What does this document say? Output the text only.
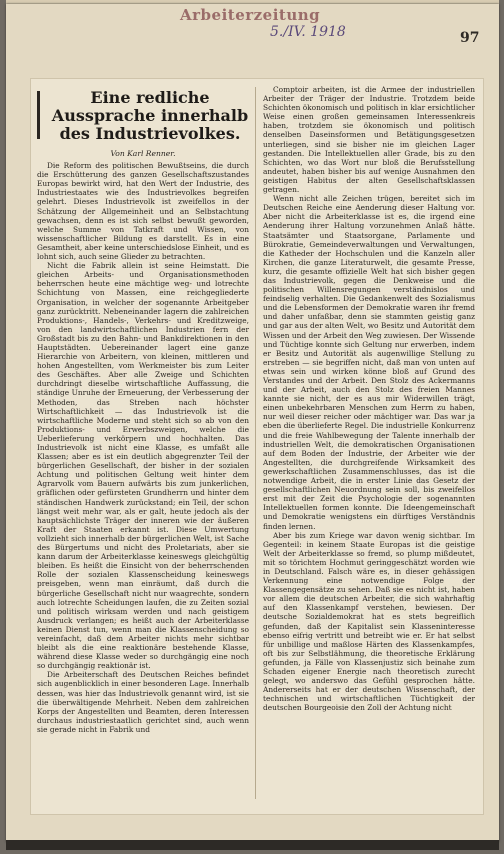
Arbeiterzeitung
5./IV. 1918	97
Eine redliche Aussprache innerhalb des Industrievolkes.
Von Karl Renner.

Die Reform des politischen Bewußtseins, die durch die Erschütterung des ganzen Gesellschaftszustandes Europas bewirkt wird, hat den Wert der Industrie, des Industriestaates wie des Industrievolkes begreifen gelehrt. Dieses Industrievolk ist zweifellos in der Schätzung der Allgemeinheit und an Selbstachtung gewachsen, denn es ist sich selbst bewußt geworden, welche Summe von Tatkraft und Wissen, von wissenschaftlicher Bildung es darstellt. Es in eine Gesamtheit, aber keine unterschiedslose Einheit, und es lohnt sich, auch seine Glieder zu betrachten.

Nicht die Fabrik allein ist seine Heimstatt. Die gleichen Arbeits- und Organisationsmethoden beherrschen heute eine mächtige weg- und lotrechte Schichtung von Massen, eine reichgegliederte Organisation, in welcher der sogenannte Arbeitgeber ganz zurücktritt. Nebeneinander lagern die zahlreichen Produktions-, Handels-, Verkehrs- und Kreditzweige, von den landwirtschaftlichen Industrien fern der Großstadt bis zu den Bahn- und Bankdirektionen in den Hauptstädten. Uebereinander lagert eine ganze Hierarchie von Arbeitern, von kleinen, mittleren und hohen Angestellten, vom Werkmeister bis zum Leiter des Geschäftes. Aber alle Zweige und Schichten durchdringt dieselbe wirtschaftliche Auffassung, die ständige Unruhe der Erneuerung, der Verbesserung der Methoden, das Streben nach höchster Wirtschaftlichkeit — das Industrievolk ist die wirtschaftliche Moderne und steht sich so ab von den Produktions- und Erwerbszweigen, welche die Ueberlieferung verkörpern und hochhalten. Das Industrievolk ist nicht eine Klasse, es umfaßt alle Klassen; aber es ist ein deutlich abgegrenzter Teil der bürgerlichen Gesellschaft, der bisher in der sozialen Achtung und politischen Geltung weit hinter dem Agrarvolk vom Bauern aufwärts bis zum junkerlichen, gräflichen oder gefürsteten Grundherrn und hinter dem ständischen Handwerk zurückstand; ein Teil, der schon längst weit mehr war, als er galt, heute jedoch als der hauptsächlichste Träger der inneren wie der äußeren Kraft der Staaten erkannt ist. Diese Umwertung vollzieht sich innerhalb der bürgerlichen Welt, ist Sache des Bürgertums und nicht des Proletariats, aber sie kann darum der Arbeiterklasse keineswegs gleichgültig bleiben. Es heißt die Einsicht von der beherrschenden Rolle der sozialen Klassenscheidung keineswegs preisgeben, wenn man einräumt, daß durch die bürgerliche Gesellschaft nicht nur waagrechte, sondern auch lotrechte Scheidungen laufen, die zu Zeiten sozial und politisch wirksam werden und nach geistigem Ausdruck verlangen; es heißt auch der Arbeiterklasse keinen Dienst tun, wenn man die Klassenscheidung so vereinfacht, daß dem Arbeiter nichts mehr sichtbar bleibt als die eine reaktionäre bestehende Klasse, während diese Klasse weder so durchgängig eine noch so durchgängig reaktionär ist.

Die Arbeiterschaft des Deutschen Reiches befindet sich augenblicklich in einer besonderen Lage. Innerhalb dessen, was hier das Industrievolk genannt wird, ist sie die überwältigende Mehrheit. Neben dem zahlreichen Korps der Angestellten und Beamten, deren Interessen durchaus industriestaatlich gerichtet sind, auch wenn sie gerade nicht in Fabrik und

Comptoir arbeiten, ist die Armee der industriellen Arbeiter der Träger der Industrie. Trotzdem beide Schichten ökonomisch und politisch in klar ersichtlicher Weise einen großen gemeinsamen Interessenkreis haben, trotzdem sie ökonomisch und politisch denselben Daseinsformen und Betätigungsgesetzen unterliegen, sind sie bisher nie im gleichen Lager gestanden. Die Intellektuellen aller Grade, bis zu den Schichten, wo das Wort nur bloß die Berufsstellung andeutet, haben bisher bis auf wenige Ausnahmen den geistigen Habitus der alten Gesellschaftsklassen getragen.

Wenn nicht alle Zeichen trügen, bereitet sich im Deutschen Reiche eine Aenderung dieser Haltung vor. Aber nicht die Arbeiterklasse ist es, die irgend eine Aenderung ihrer Haltung vorzunehmen Anlaß hätte. Staatsämter und Staatsorgane, Parlamente und Bürokratie, Gemeindeverwaltungen und Verwaltungen, die Katheder der Hochschulen und die Kanzeln aller Kirchen, die ganze Literaturwelt, die gesamte Presse, kurz, die gesamte offizielle Welt hat sich bisher gegen das Industrievolk, gegen die Denkweise und die politischen Willensregungen verständnislos und feindselig verhalten. Die Gedankenwelt des Sozialismus und die Lebensformen der Demokratie waren ihr fremd und daher unfaßbar, denn sie stammten geistig ganz und gar aus der alten Welt, wo Besitz und Autorität dem Wissen und der Arbeit den Weg zuwiesen. Der Wissende und Tüchtige konnte sich Geltung nur erwerben, indem er Besitz und Autorität als augenwillige Stellung zu erstreben — sie begriffen nicht, daß man von unten auf etwas sein und wirken könne bloß auf Grund des Verstandes und der Arbeit. Den Stolz des Ackermanns und der Arbeit, auch den Stolz des freien Mannes kannte sie nicht, der es aus mir Widerwillen trägt, einen unbekehrbaren Menschen zum Herrn zu haben, nur weil dieser reicher oder mächtiger war. Das war ja eben die überlieferte Regel. Die industrielle Konkurrenz und die freie Wahlbewegung der Talente innerhalb der industriellen Welt, die demokratischen Organisationen auf dem Boden der Industrie, der Arbeiter wie der Angestellten, die durchgreifende Wirksamkeit des gewerkschaftlichen Zusammenschlusses, das ist die notwendige Arbeit, die in erster Linie das Gesetz der gesellschaftlichen Neuordnung sein soll, bis zweifellos erst mit der Zeit die Psychologie der sogenannten Intellektuellen formen konnte. Die Ideengemeinschaft und Demokratie wenigstens ein dürftiges Verständnis finden lernen.

Aber bis zum Kriege war davon wenig sichtbar. Im Gegenteil: in keinem Staate Europas ist die geistige Welt der Arbeiterklasse so fremd, so plump mißdeutet, mit so törichtem Hochmut geringgeschätzt worden wie in Deutschland. Falsch wäre es, in dieser gehässigen Verkennung eine notwendige Folge der Klassengegensätze zu sehen. Daß sie es nicht ist, haben vor allem die deutschen Arbeiter, die sich wahrhaftig auf den Klassenkampf verstehen, bewiesen. Der deutsche Sozialdemokrat hat es stets begreiflich gefunden, daß der Kapitalist sein Klasseninteresse ebenso eifrig vertritt und betreibt wie er. Er hat selbst für unbillige und maßlose Härten des Klassenkampfes, oft bis zur Selbstlähmung, die theoretische Erklärung gefunden, ja Fälle von Klassenjustiz sich beinahe zum Schaden eigener Energie nach theoretisch zurecht gelegt, wo anderswo das Gefühl gesprochen hätte. Andererseits hat er der deutschen Wissenschaft, der technischen und wirtschaftlichen Tüchtigkeit der deutschen Bourgeoisie den Zoll der Achtung nicht
